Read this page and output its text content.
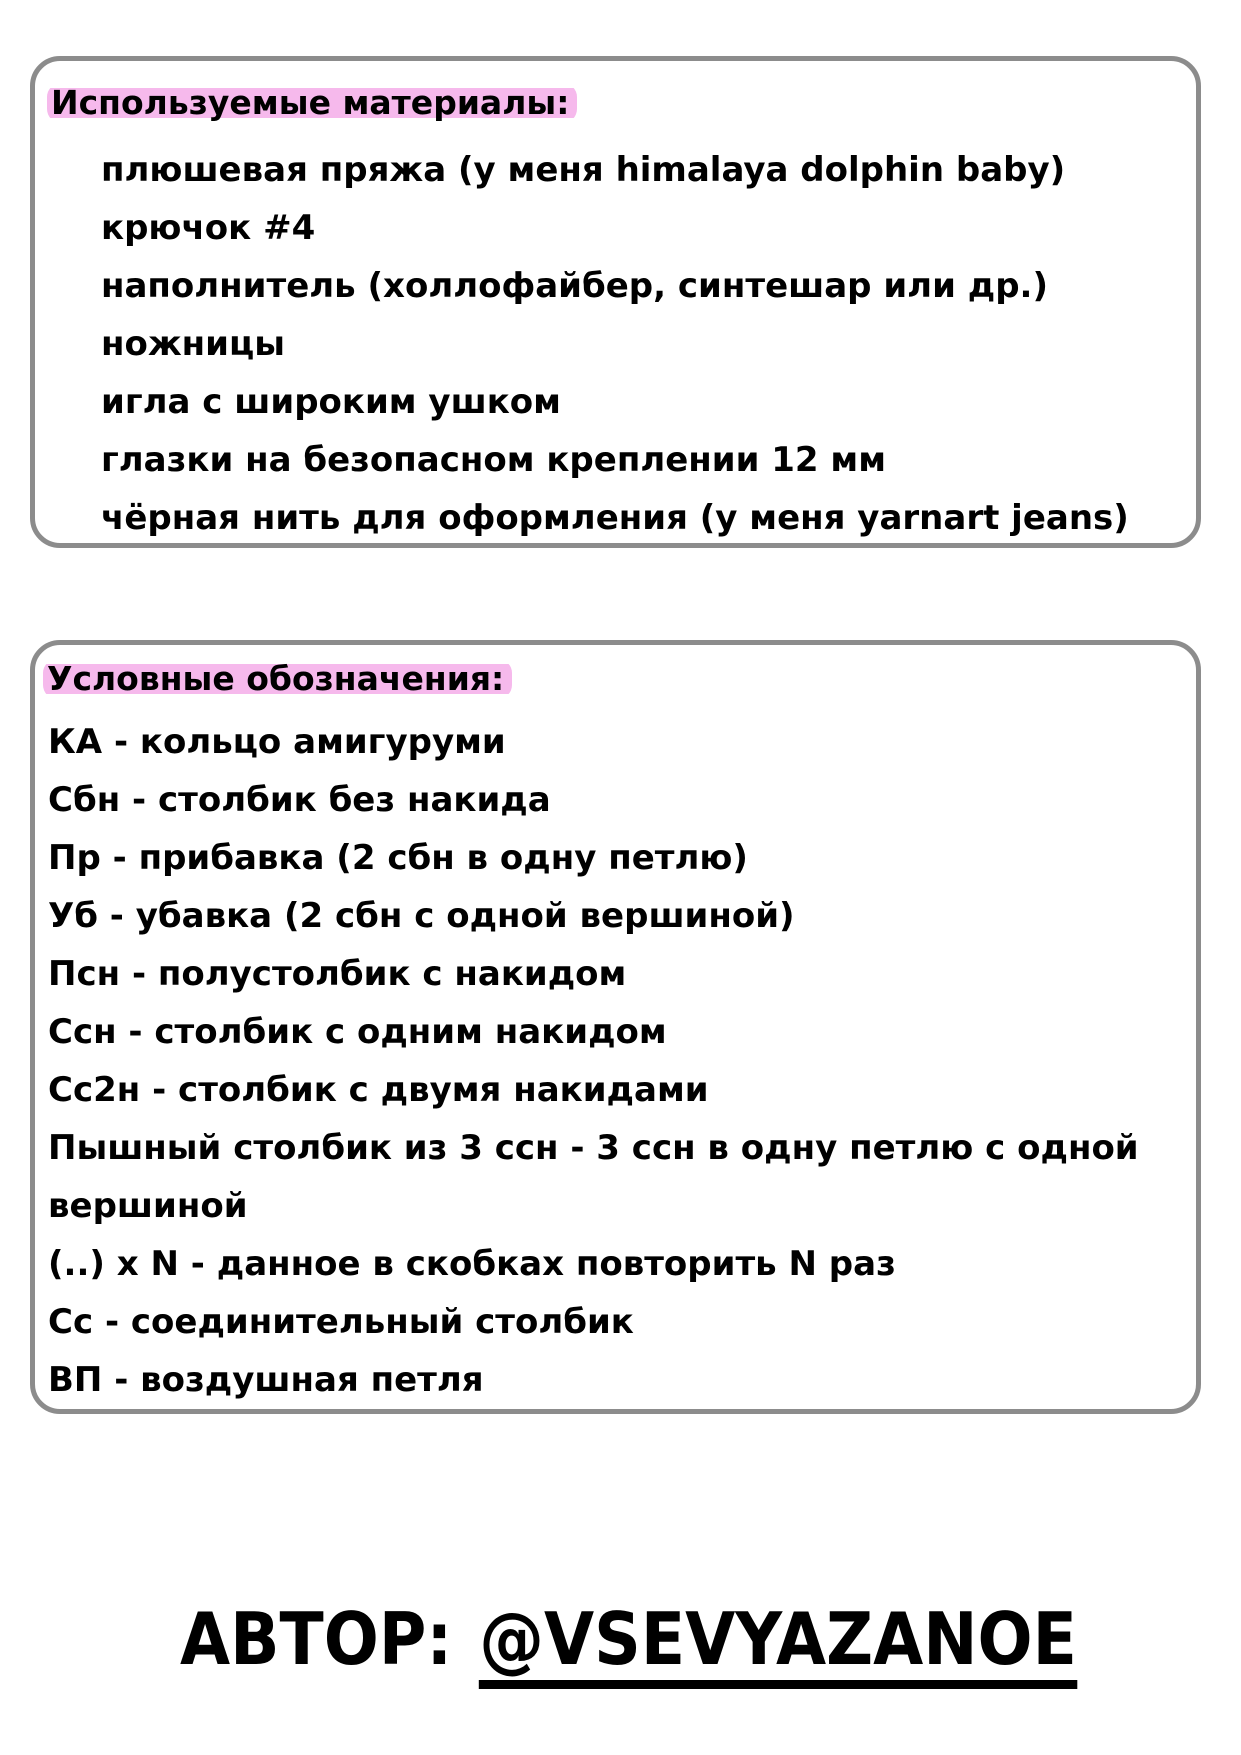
Используемые материалы:
плюшевая пряжа (у меня himalaya dolphin baby)
крючок #4
наполнитель (холлофайбер, синтешар или др.)
ножницы
игла с широким ушком
глазки на безопасном креплении 12 мм
чёрная нить для оформления (у меня yarnart jeans)
Условные обозначения:
КА - кольцо амигуруми
Сбн - столбик без накида
Пр - прибавка (2 сбн в одну петлю)
Уб - убавка (2 сбн с одной вершиной)
Псн - полустолбик с накидом
Ссн - столбик с одним накидом
Сс2н - столбик с двумя накидами
Пышный столбик из 3 ссн - 3 ссн в одну петлю с одной
вершиной
(..) x N - данное в скобках повторить N раз
Сс - соединительный столбик
ВП - воздушная петля
АВТОР: @VSEVYAZANOE
